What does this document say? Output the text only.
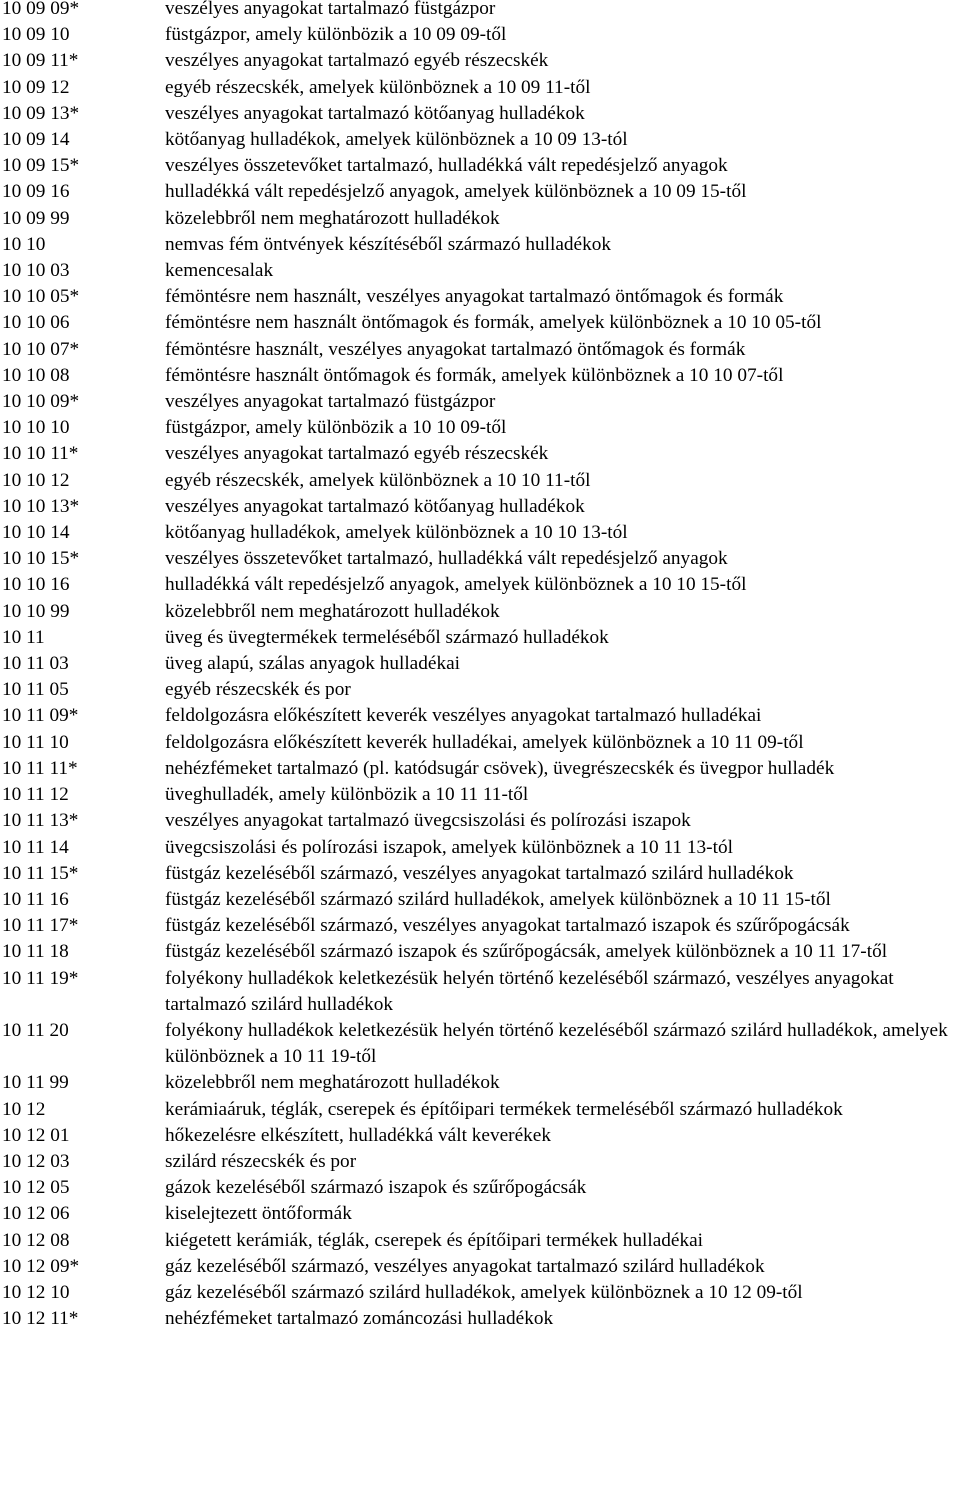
10 09 09*	veszélyes anyagokat tartalmazó füstgázpor
10 09 10	füstgázpor, amely különbözik a 10 09 09-től
10 09 11*	veszélyes anyagokat tartalmazó egyéb részecskék
10 09 12	egyéb részecskék, amelyek különböznek a 10 09 11-től
10 09 13*	veszélyes anyagokat tartalmazó kötőanyag hulladékok
10 09 14	kötőanyag hulladékok, amelyek különböznek a 10 09 13-tól
10 09 15*	veszélyes összetevőket tartalmazó, hulladékká vált repedésjelző anyagok
10 09 16	hulladékká vált repedésjelző anyagok, amelyek különböznek a 10 09 15-től
10 09 99	közelebbről nem meghatározott hulladékok
10 10	nemvas fém öntvények készítéséből származó hulladékok
10 10 03	kemencesalak
10 10 05*	fémöntésre nem használt, veszélyes anyagokat tartalmazó öntőmagok és formák
10 10 06	fémöntésre nem használt öntőmagok és formák, amelyek különböznek a 10 10 05-től
10 10 07*	fémöntésre használt, veszélyes anyagokat tartalmazó öntőmagok és formák
10 10 08	fémöntésre használt öntőmagok és formák, amelyek különböznek a 10 10 07-től
10 10 09*	veszélyes anyagokat tartalmazó füstgázpor
10 10 10	füstgázpor, amely különbözik a 10 10 09-től
10 10 11*	veszélyes anyagokat tartalmazó egyéb részecskék
10 10 12	egyéb részecskék, amelyek különböznek a 10 10 11-től
10 10 13*	veszélyes anyagokat tartalmazó kötőanyag hulladékok
10 10 14	kötőanyag hulladékok, amelyek különböznek a 10 10 13-tól
10 10 15*	veszélyes összetevőket tartalmazó, hulladékká vált repedésjelző anyagok
10 10 16	hulladékká vált repedésjelző anyagok, amelyek különböznek a 10 10 15-től
10 10 99	közelebbről nem meghatározott hulladékok
10 11	üveg és üvegtermékek termeléséből származó hulladékok
10 11 03	üveg alapú, szálas anyagok hulladékai
10 11 05	egyéb részecskék és por
10 11 09*	feldolgozásra előkészített keverék veszélyes anyagokat tartalmazó hulladékai
10 11 10	feldolgozásra előkészített keverék hulladékai, amelyek különböznek a 10 11 09-től
10 11 11*	nehézfémeket tartalmazó (pl. katódsugár csövek), üvegrészecskék és üvegpor hulladék
10 11 12	üveghulladék, amely különbözik a 10 11 11-től
10 11 13*	veszélyes anyagokat tartalmazó üvegcsiszolási és polírozási iszapok
10 11 14	üvegcsiszolási és polírozási iszapok, amelyek különböznek a 10 11 13-tól
10 11 15*	füstgáz kezeléséből származó, veszélyes anyagokat tartalmazó szilárd hulladékok
10 11 16	füstgáz kezeléséből származó szilárd hulladékok, amelyek különböznek a 10 11 15-től
10 11 17*	füstgáz kezeléséből származó, veszélyes anyagokat tartalmazó iszapok és szűrőpogácsák
10 11 18	füstgáz kezeléséből származó iszapok és szűrőpogácsák, amelyek különböznek a 10 11 17-től
10 11 19*	folyékony hulladékok keletkezésük helyén történő kezeléséből származó, veszélyes anyagokat tartalmazó szilárd hulladékok
10 11 20	folyékony hulladékok keletkezésük helyén történő kezeléséből származó szilárd hulladékok, amelyek különböznek a 10 11 19-től
10 11 99	közelebbről nem meghatározott hulladékok
10 12	kerámiaáruk, téglák, cserepek és építőipari termékek termeléséből származó hulladékok
10 12 01	hőkezelésre elkészített, hulladékká vált keverékek
10 12 03	szilárd részecskék és por
10 12 05	gázok kezeléséből származó iszapok és szűrőpogácsák
10 12 06	kiselejtezett öntőformák
10 12 08	kiégetett kerámiák, téglák, cserepek és építőipari termékek hulladékai
10 12 09*	gáz kezeléséből származó, veszélyes anyagokat tartalmazó szilárd hulladékok
10 12 10	gáz kezeléséből származó szilárd hulladékok, amelyek különböznek a 10 12 09-től
10 12 11*	nehézfémeket tartalmazó zománcozási hulladékok
